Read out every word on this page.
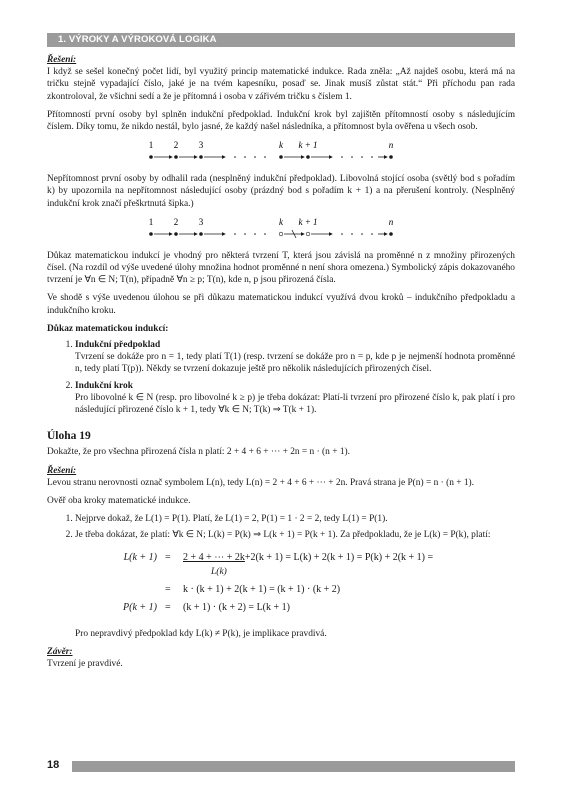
1. VÝROKY A VÝROKOVÁ LOGIKA

Řešení:

I když se sešel konečný počet lidí, byl využitý princip matematické indukce. Rada zněla: „Až najdeš osobu, která má na tričku stejně vypadající číslo, jaké je na tvém kapesníku, posaď se. Jinak musíš zůstat stát.“ Při příchodu pan rada zkontroloval, že všichni sedí a že je přítomná i osoba v zářivém tričku s číslem 1.

Přítomností první osoby byl splněn indukční předpoklad. Indukční krok byl zajištěn přítomností osoby s následujícím číslem. Díky tomu, že nikdo nestál, bylo jasné, že každý našel následníka, a přítomnost byla ověřena u všech osob.

1 2 3	k k + 1	n

Nepřítomnost první osoby by odhalil rada (nesplněný indukční předpoklad). Libovolná stojící osoba (světlý bod s pořadím k) by upozornila na nepřítomnost následující osoby (prázdný bod s pořadím k + 1) a na přerušení kontroly. (Nesplněný indukční krok značí přeškrtnutá šipka.)

1 2 3	k k + 1	n

Důkaz matematickou indukcí je vhodný pro některá tvrzení T, která jsou závislá na proměnné n z množiny přirozených čísel. (Na rozdíl od výše uvedené úlohy množina hodnot proměnné n není shora omezena.) Symbolický zápis dokazovaného tvrzení je ∀n ∈ N; T(n), případně ∀n ≥ p; T(n), kde n, p jsou přirozená čísla.

Ve shodě s výše uvedenou úlohou se při důkazu matematickou indukcí využívá dvou kroků – indukčního předpokladu a indukčního kroku.

Důkaz matematickou indukcí:

1. Indukční předpoklad
Tvrzení se dokáže pro n = 1, tedy platí T(1) (resp. tvrzení se dokáže pro n = p, kde p je nejmenší hodnota proměnné n, tedy platí T(p)). Někdy se tvrzení dokazuje ještě pro několik následujících přirozených čísel.
2. Indukční krok
Pro libovolné k ∈ N (resp. pro libovolné k ≥ p) je třeba dokázat: Platí-li tvrzení pro přirozené číslo k, pak platí i pro následující přirozené číslo k + 1, tedy ∀k ∈ N; T(k) ⇒ T(k + 1).

Úloha 19

Dokažte, že pro všechna přirozená čísla n platí: 2 + 4 + 6 + ⋯ + 2n = n · (n + 1).

Řešení:

Levou stranu nerovnosti označ symbolem L(n), tedy L(n) = 2 + 4 + 6 + ⋯ + 2n. Pravá strana je P(n) = n · (n + 1).

Ověř oba kroky matematické indukce.

1. Nejprve dokaž, že L(1) = P(1). Platí, že L(1) = 2, P(1) = 1 · 2 = 2, tedy L(1) = P(1).
2. Je třeba dokázat, že platí: ∀k ∈ N; L(k) = P(k) ⇒ L(k + 1) = P(k + 1). Za předpokladu, že je L(k) = P(k), platí:
L(k + 1) = 2 + 4 + ⋯ + 2k+2(k + 1) = L(k) + 2(k + 1) = P(k) + 2(k + 1) =
L(k)
= k · (k + 1) + 2(k + 1) = (k + 1) · (k + 2)
P(k + 1) = (k + 1) · (k + 2) = L(k + 1)

Pro nepravdivý předpoklad kdy L(k) ≠ P(k), je implikace pravdivá.

Závěr:

Tvrzení je pravdivé.

18
